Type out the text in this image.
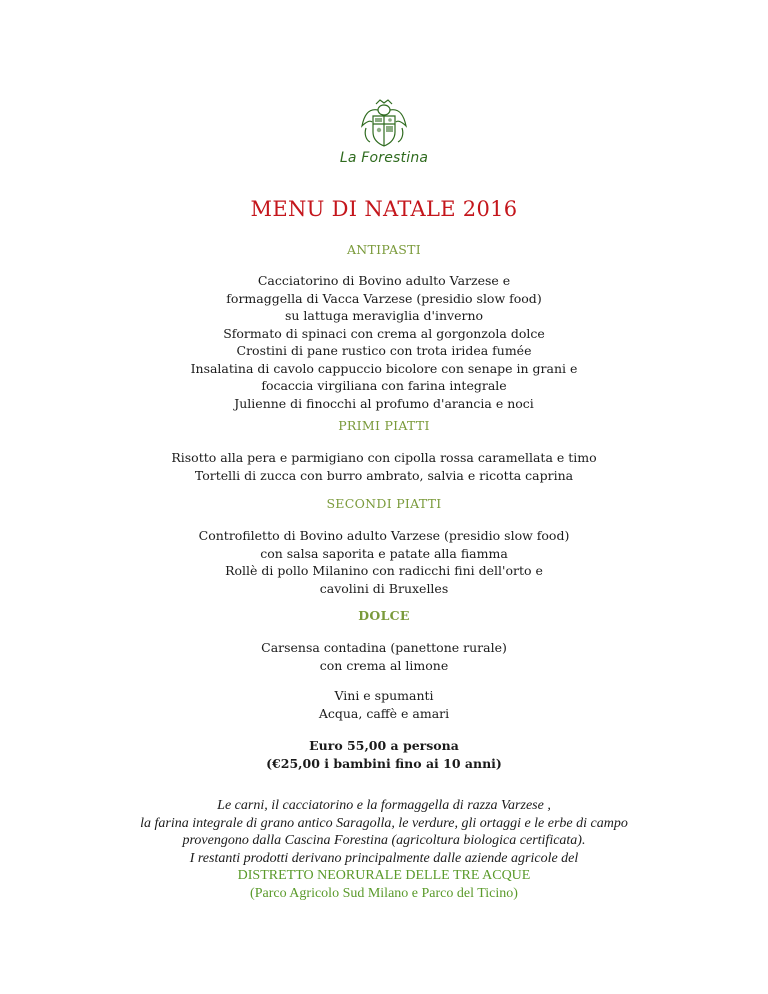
La Forestina
MENU DI NATALE 2016
ANTIPASTI
Cacciatorino di Bovino adulto Varzese e
formaggella di Vacca Varzese (presidio slow food)
su lattuga meraviglia d'inverno
Sformato di spinaci con crema al gorgonzola dolce
Crostini di pane rustico con trota iridea fumée
Insalatina di cavolo cappuccio bicolore con senape in grani e
focaccia virgiliana con farina integrale
Julienne di finocchi al profumo d'arancia e noci
PRIMI PIATTI
Risotto alla pera e parmigiano con cipolla rossa caramellata e timo
Tortelli di zucca con burro ambrato, salvia e ricotta caprina
SECONDI PIATTI
Controfiletto di Bovino adulto Varzese (presidio slow food)
con salsa saporita e patate alla fiamma
Rollè di pollo Milanino con radicchi fini dell'orto e
cavolini di Bruxelles
DOLCE
Carsensa contadina (panettone rurale)
con crema al limone
Vini e spumanti
Acqua, caffè e amari
Euro 55,00 a persona
(€25,00 i bambini fino ai 10 anni)
Le carni, il cacciatorino e la formaggella di razza Varzese ,
la farina integrale di grano antico Saragolla, le verdure, gli ortaggi e le erbe di campo
provengono dalla Cascina Forestina (agricoltura biologica certificata).
I restanti prodotti derivano principalmente dalle aziende agricole del
DISTRETTO NEORURALE DELLE TRE ACQUE
(Parco Agricolo Sud Milano e Parco del Ticino)
